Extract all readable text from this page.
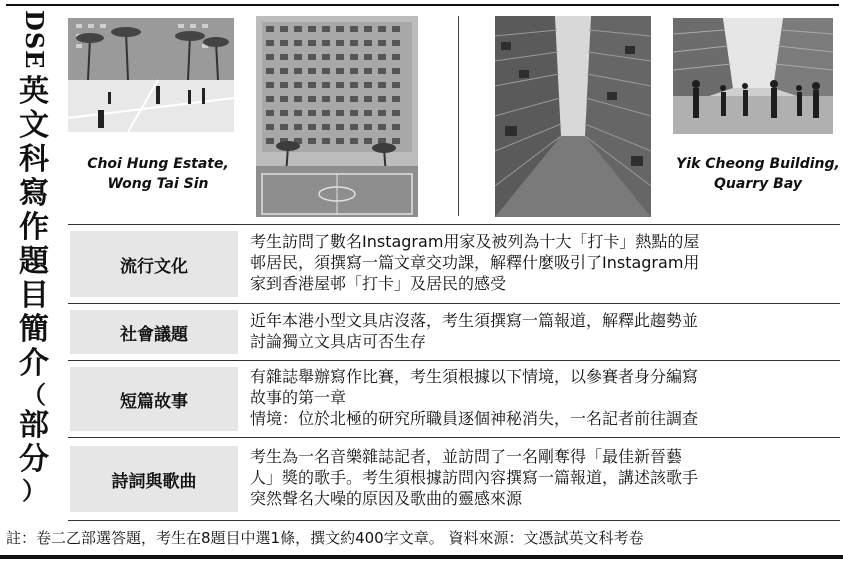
DSE
英
文
科
寫
作
題
目
簡
介
（
部
分
）
Choi Hung Estate,
Wong Tai Sin
Yik Cheong Building,
Quarry Bay
流行文化
考生訪問了數名Instagram用家及被列為十大「打卡」熱點的屋
邨居民，須撰寫一篇文章交功課，解釋什麼吸引了Instagram用
家到香港屋邨「打卡」及居民的感受
社會議題
近年本港小型文具店沒落，考生須撰寫一篇報道，解釋此趨勢並
討論獨立文具店可否生存
短篇故事
有雜誌舉辦寫作比賽，考生須根據以下情境，以參賽者身分編寫
故事的第一章
情境：位於北極的研究所職員逐個神秘消失，一名記者前往調查
詩詞與歌曲
考生為一名音樂雜誌記者，並訪問了一名剛奪得「最佳新晉藝
人」獎的歌手。考生須根據訪問內容撰寫一篇報道，講述該歌手
突然聲名大噪的原因及歌曲的靈感來源
註：卷二乙部選答題，考生在8題目中選1條，撰文約400字文章。 資料來源：文憑試英文科考卷
